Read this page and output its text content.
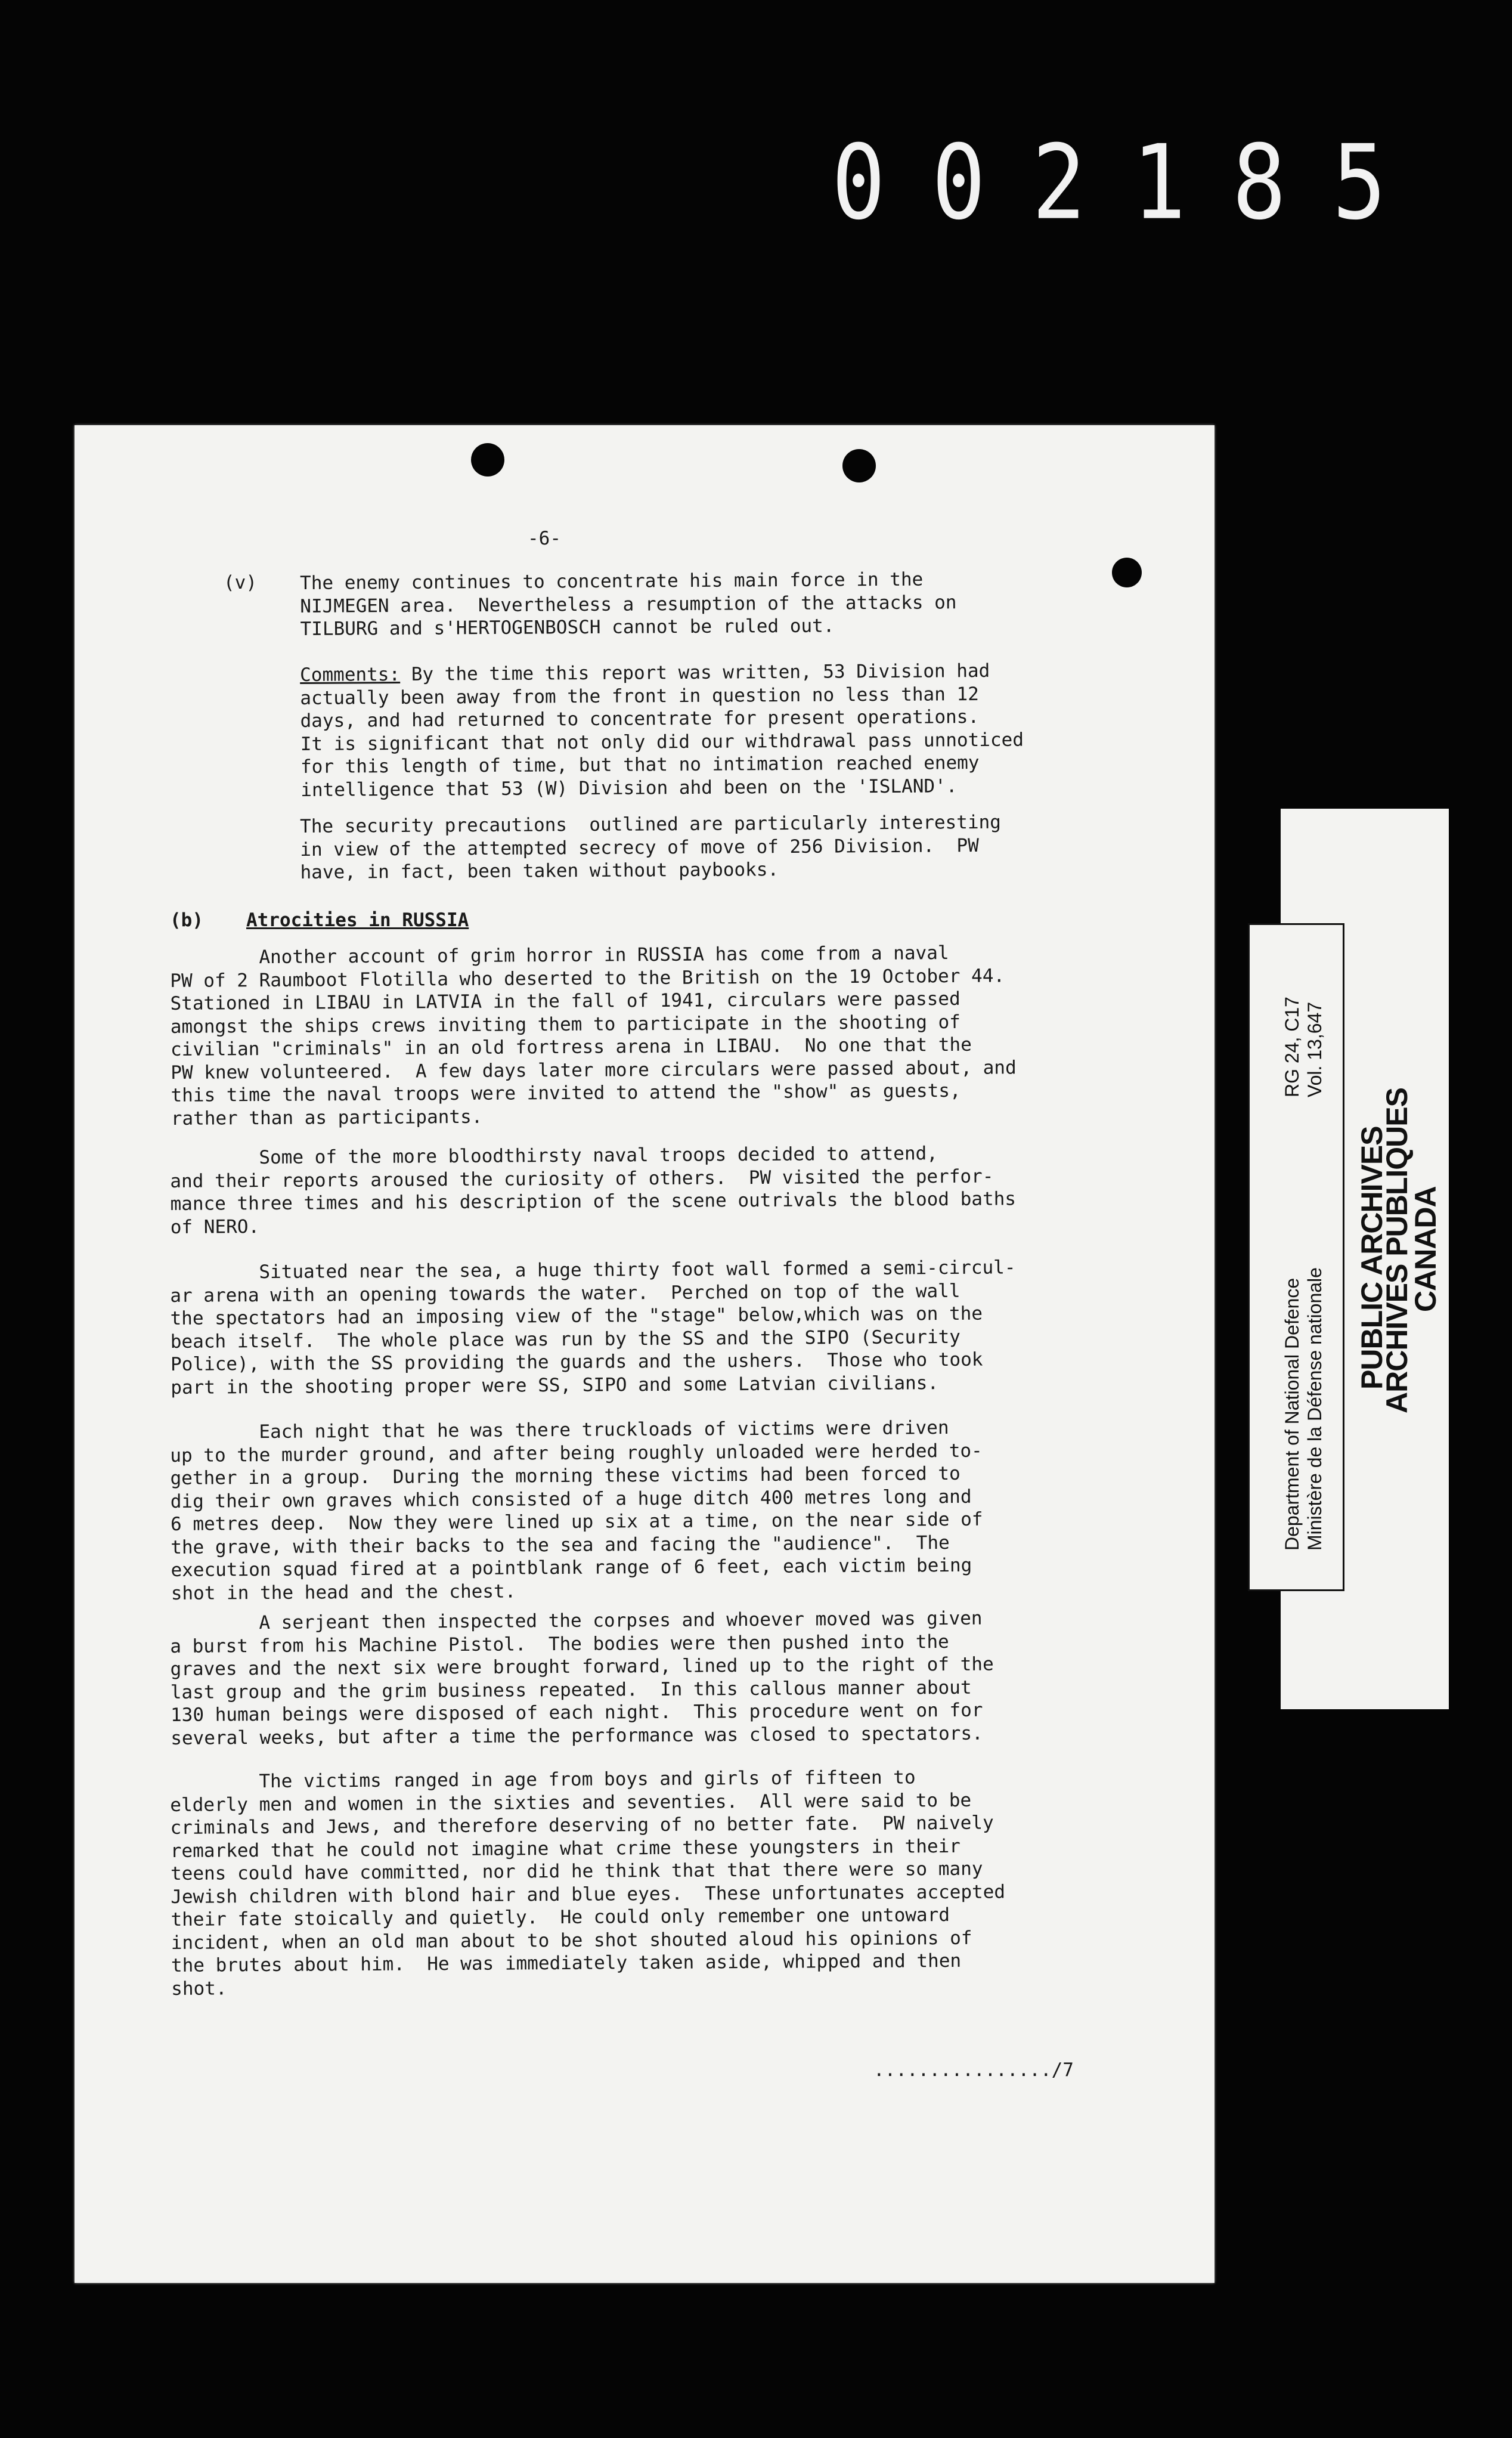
0 0 2 1 8 5
-6-
(v) The enemy continues to concentrate his main force in the
NIJMEGEN area.  Nevertheless a resumption of the attacks on
TILBURG and s'HERTOGENBOSCH cannot be ruled out.
Comments: By the time this report was written, 53 Division had
actually been away from the front in question no less than 12
days, and had returned to concentrate for present operations.
It is significant that not only did our withdrawal pass unnoticed
for this length of time, but that no intimation reached enemy
intelligence that 53 (W) Division ahd been on the 'ISLAND'.
The security precautions  outlined are particularly interesting
in view of the attempted secrecy of move of 256 Division.  PW
have, in fact, been taken without paybooks.
(b) Atrocities in RUSSIA
Another account of grim horror in RUSSIA has come from a naval
PW of 2 Raumboot Flotilla who deserted to the British on the 19 October 44.
Stationed in LIBAU in LATVIA in the fall of 1941, circulars were passed
amongst the ships crews inviting them to participate in the shooting of
civilian "criminals" in an old fortress arena in LIBAU.  No one that the
PW knew volunteered.  A few days later more circulars were passed about, and
this time the naval troops were invited to attend the "show" as guests,
rather than as participants.
Some of the more bloodthirsty naval troops decided to attend,
and their reports aroused the curiosity of others.  PW visited the perfor-
mance three times and his description of the scene outrivals the blood baths
of NERO.
Situated near the sea, a huge thirty foot wall formed a semi-circul-
ar arena with an opening towards the water.  Perched on top of the wall
the spectators had an imposing view of the "stage" below,which was on the
beach itself.  The whole place was run by the SS and the SIPO (Security
Police), with the SS providing the guards and the ushers.  Those who took
part in the shooting proper were SS, SIPO and some Latvian civilians.
Each night that he was there truckloads of victims were driven
up to the murder ground, and after being roughly unloaded were herded to-
gether in a group.  During the morning these victims had been forced to
dig their own graves which consisted of a huge ditch 400 metres long and
6 metres deep.  Now they were lined up six at a time, on the near side of
the grave, with their backs to the sea and facing the "audience".  The
execution squad fired at a pointblank range of 6 feet, each victim being
shot in the head and the chest.
A serjeant then inspected the corpses and whoever moved was given
a burst from his Machine Pistol.  The bodies were then pushed into the
graves and the next six were brought forward, lined up to the right of the
last group and the grim business repeated.  In this callous manner about
130 human beings were disposed of each night.  This procedure went on for
several weeks, but after a time the performance was closed to spectators.
The victims ranged in age from boys and girls of fifteen to
elderly men and women in the sixties and seventies.  All were said to be
criminals and Jews, and therefore deserving of no better fate.  PW naively
remarked that he could not imagine what crime these youngsters in their
teens could have committed, nor did he think that that there were so many
Jewish children with blond hair and blue eyes.  These unfortunates accepted
their fate stoically and quietly.  He could only remember one untoward
incident, when an old man about to be shot shouted aloud his opinions of
the brutes about him.  He was immediately taken aside, whipped and then
shot.
................/7
Department of National Defence Ministère de la Défense nationale
RG 24, C17 Vol. 13,647
PUBLIC ARCHIVES
ARCHIVES PUBLIQUES
CANADA
